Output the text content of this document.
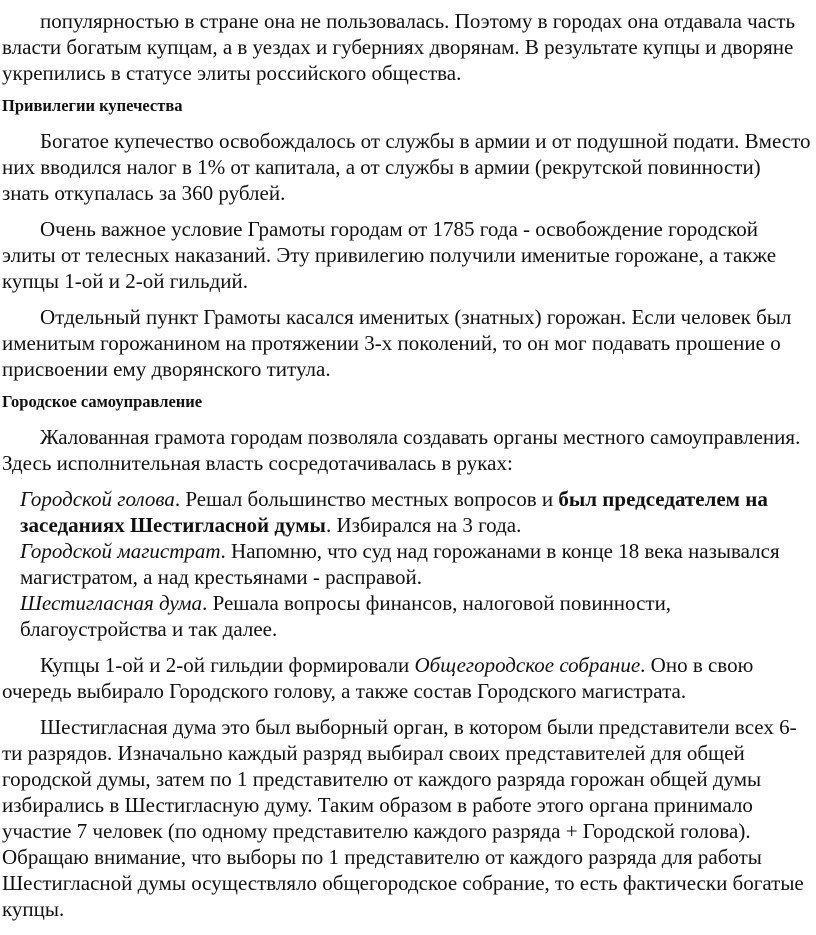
популярностью в стране она не пользовалась. Поэтому в городах она отдавала часть власти богатым купцам, а в уездах и губерниях дворянам. В результате купцы и дворяне укрепились в статусе элиты российского общества.

Привилегии купечества

Богатое купечество освобождалось от службы в армии и от подушной подати. Вместо них вводился налог в 1% от капитала, а от службы в армии (рекрутской повинности) знать откупалась за 360 рублей.

Очень важное условие Грамоты городам от 1785 года - освобождение городской элиты от телесных наказаний. Эту привилегию получили именитые горожане, а также купцы 1-ой и 2-ой гильдий.

Отдельный пункт Грамоты касался именитых (знатных) горожан. Если человек был именитым горожанином на протяжении 3-х поколений, то он мог подавать прошение о присвоении ему дворянского титула.

Городское самоуправление

Жалованная грамота городам позволяла создавать органы местного самоуправления. Здесь исполнительная власть сосредотачивалась в руках:

Городской голова. Решал большинство местных вопросов и был председателем на заседаниях Шестигласной думы. Избирался на 3 года.
Городской магистрат. Напомню, что суд над горожанами в конце 18 века назывался магистратом, а над крестьянами - расправой.
Шестигласная дума. Решала вопросы финансов, налоговой повинности, благоустройства и так далее.

Купцы 1-ой и 2-ой гильдии формировали Общегородское собрание. Оно в свою очередь выбирало Городского голову, а также состав Городского магистрата.

Шестигласная дума это был выборный орган, в котором были представители всех 6-ти разрядов. Изначально каждый разряд выбирал своих представителей для общей городской думы, затем по 1 представителю от каждого разряда горожан общей думы избирались в Шестигласную думу. Таким образом в работе этого органа принимало участие 7 человек (по одному представителю каждого разряда + Городской голова). Обращаю внимание, что выборы по 1 представителю от каждого разряда для работы Шестигласной думы осуществляло общегородское собрание, то есть фактически богатые купцы.
